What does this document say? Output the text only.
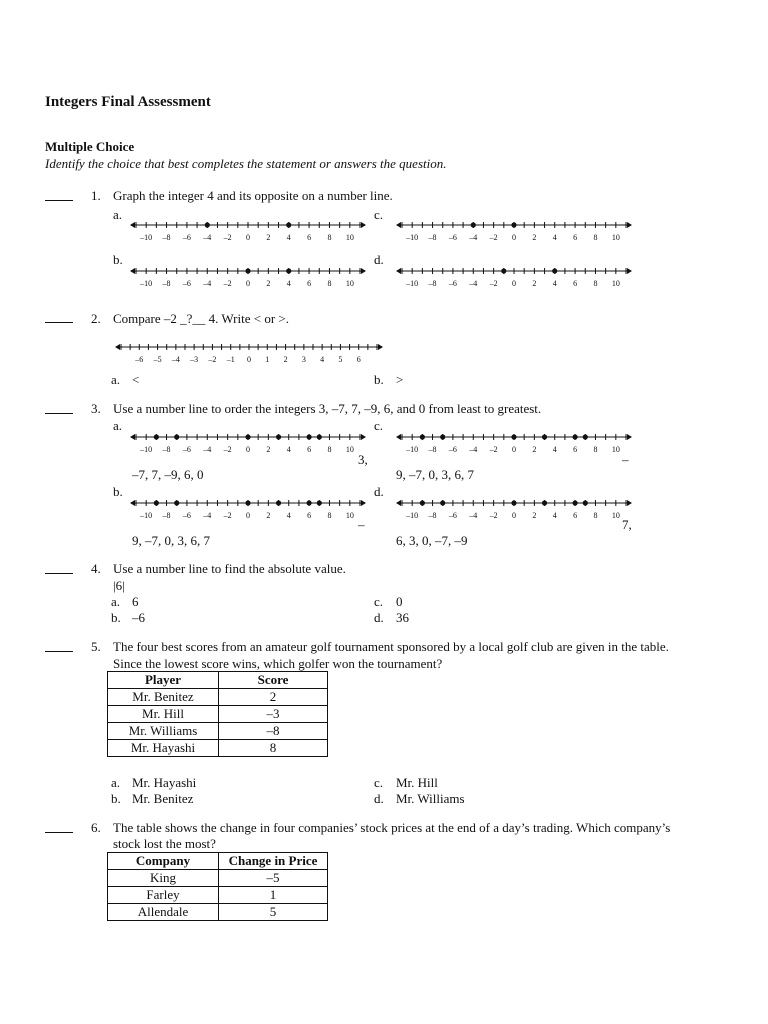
Integers Final Assessment
Multiple Choice
Identify the choice that best completes the statement or answers the question.
1. Graph the integer 4 and its opposite on a number line.
a.
–10 –8 –6 –4 –2 0 2 4 6 8 10
c.
–10 –8 –6 –4 –2 0 2 4 6 8 10
b.
–10 –8 –6 –4 –2 0 2 4 6 8 10
d.
–10 –8 –6 –4 –2 0 2 4 6 8 10
2. Compare –2 _?__ 4. Write < or >.
–6 –5 –4 –3 –2 –1 0 1 2 3 4 5 6
a. <	b. >
3. Use a number line to order the integers 3, –7, 7, –9, 6, and 0 from least to greatest.
a.
–10 –8 –6 –4 –2 0 2 4 6 8 10
3,
–7, 7, –9, 6, 0
c.
–10 –8 –6 –4 –2 0 2 4 6 8 10
–
9, –7, 0, 3, 6, 7
b.
–10 –8 –6 –4 –2 0 2 4 6 8 10
–
9, –7, 0, 3, 6, 7
d.
–10 –8 –6 –4 –2 0 2 4 6 8 10
7,
6, 3, 0, –7, –9
4. Use a number line to find the absolute value.
|6|
a. 6	c. 0
b. –6	d. 36
5. The four best scores from an amateur golf tournament sponsored by a local golf club are given in the table.
Since the lowest score wins, which golfer won the tournament?
Player	Score
Mr. Benitez	2
Mr. Hill	–3
Mr. Williams	–8
Mr. Hayashi	8
a. Mr. Hayashi	c. Mr. Hill
b. Mr. Benitez	d. Mr. Williams
6. The table shows the change in four companies’ stock prices at the end of a day’s trading. Which company’s
stock lost the most?
Company	Change in Price
King	–5
Farley	1
Allendale	5
